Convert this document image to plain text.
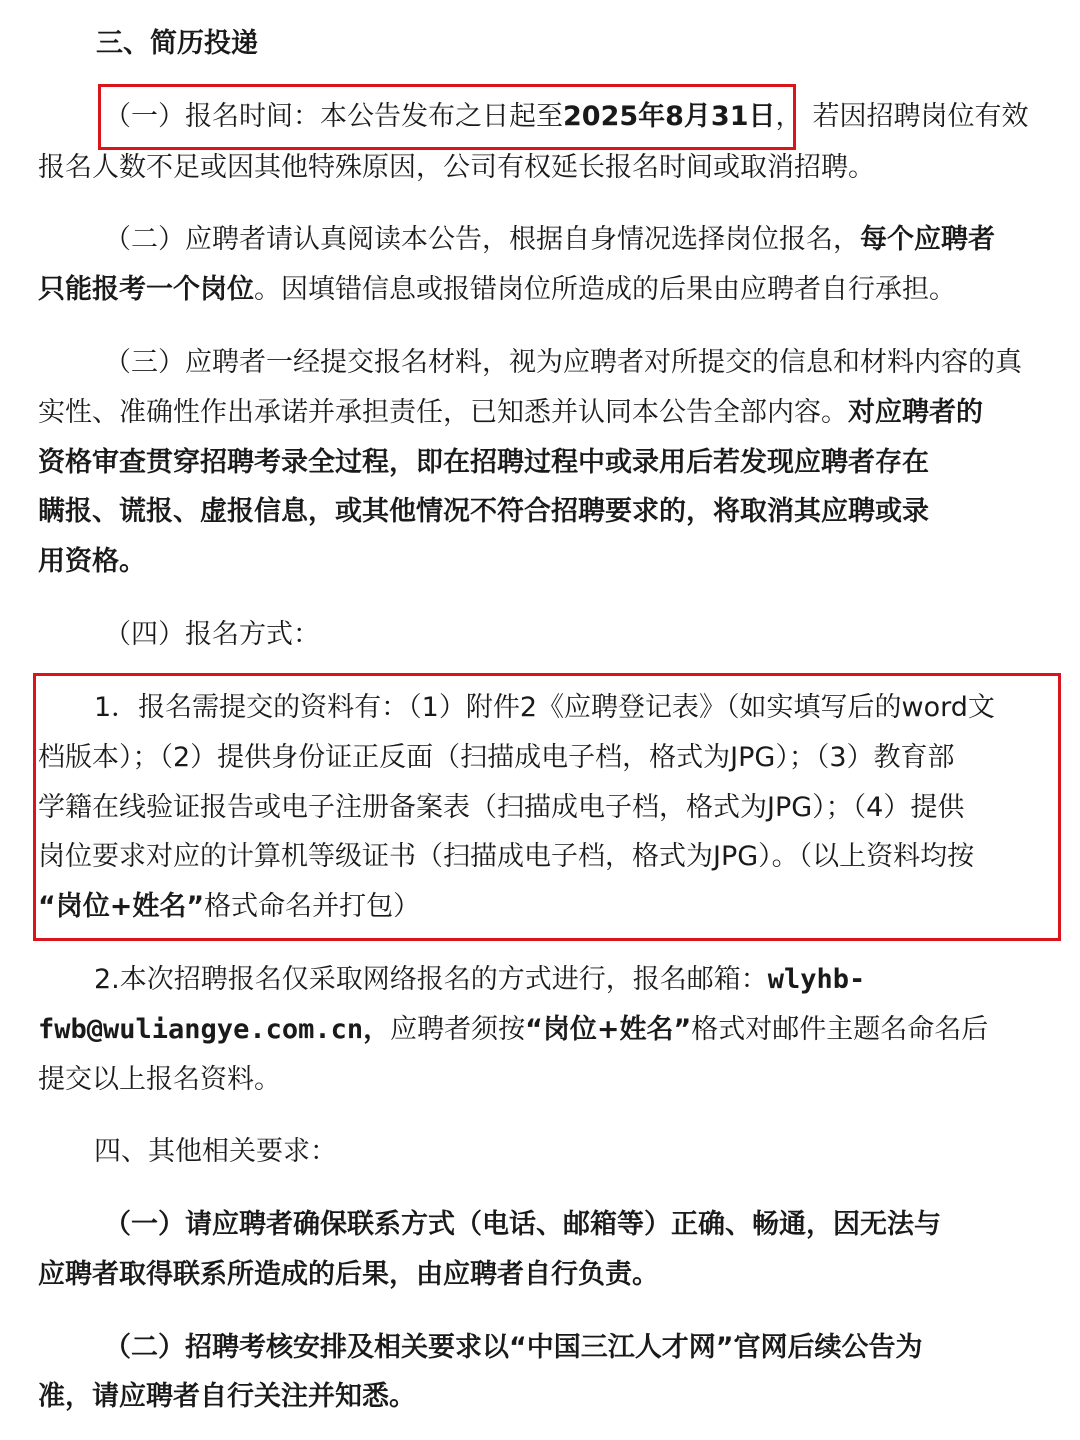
三、简历投递
（一）报名时间：本公告发布之日起至2025年8月31日， 若因招聘岗位有效
报名人数不足或因其他特殊原因，公司有权延长报名时间或取消招聘。
（二）应聘者请认真阅读本公告，根据自身情况选择岗位报名，每个应聘者
只能报考一个岗位。因填错信息或报错岗位所造成的后果由应聘者自行承担。
（三）应聘者一经提交报名材料，视为应聘者对所提交的信息和材料内容的真
实性、准确性作出承诺并承担责任，已知悉并认同本公告全部内容。对应聘者的
资格审查贯穿招聘考录全过程，即在招聘过程中或录用后若发现应聘者存在
瞒报、谎报、虚报信息，或其他情况不符合招聘要求的，将取消其应聘或录
用资格。
（四）报名方式：
1．报名需提交的资料有：（1）附件2《应聘登记表》（如实填写后的word文
档版本）；（2）提供身份证正反面（扫描成电子档，格式为JPG）；（3）教育部
学籍在线验证报告或电子注册备案表（扫描成电子档，格式为JPG）；（4）提供
岗位要求对应的计算机等级证书（扫描成电子档，格式为JPG）。（以上资料均按
“岗位+姓名”格式命名并打包）
2.本次招聘报名仅采取网络报名的方式进行，报名邮箱：wlyhb-
fwb@wuliangye.com.cn，应聘者须按“岗位+姓名”格式对邮件主题名命名后
提交以上报名资料。
四、其他相关要求：
（一）请应聘者确保联系方式（电话、邮箱等）正确、畅通，因无法与
应聘者取得联系所造成的后果，由应聘者自行负责。
（二）招聘考核安排及相关要求以“中国三江人才网”官网后续公告为
准，请应聘者自行关注并知悉。
